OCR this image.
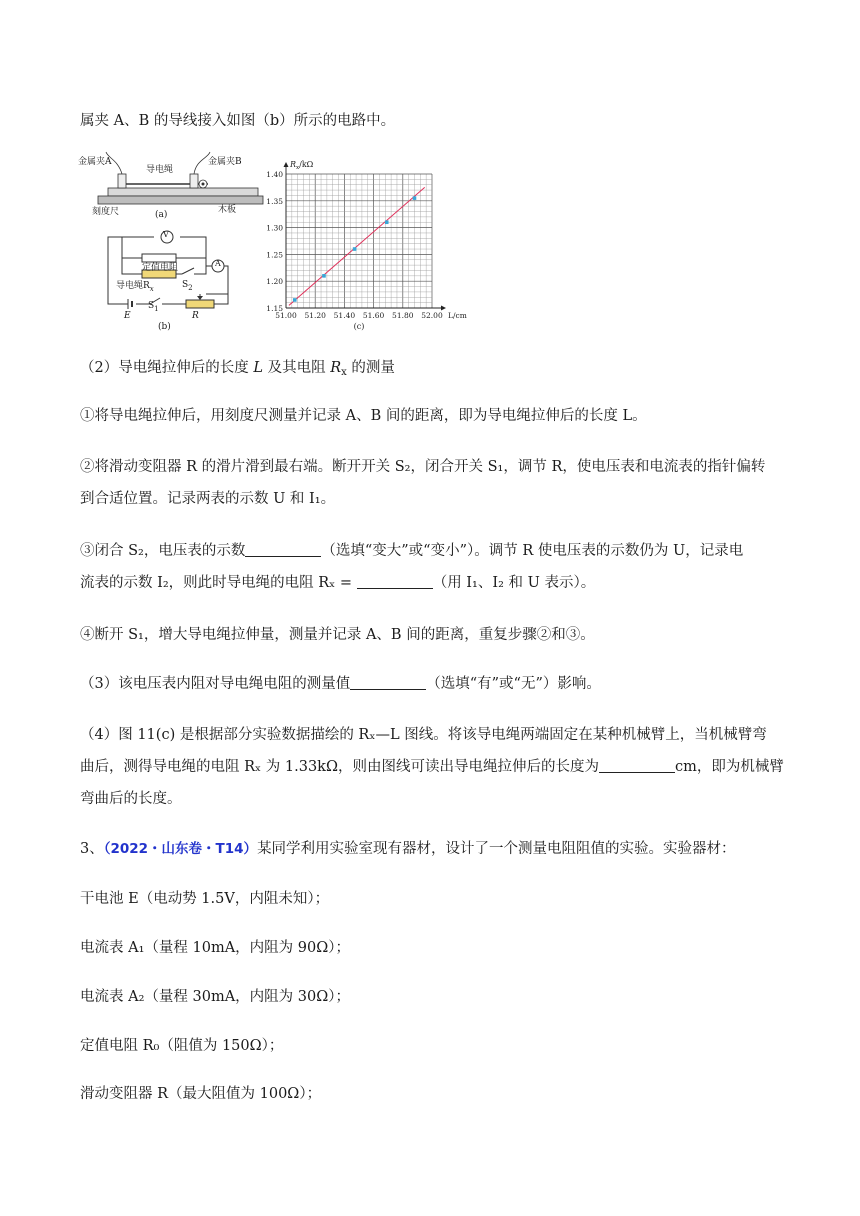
属夹 A、B 的导线接入如图（b）所示的电路中。
金属夹A
导电绳
金属夹B
刻度尺	木板
(a)
V
A
定值电阻
导电绳$R_x$	$S_2$
E
$S_1$
R
(b)
51.00 51.20 51.40 51.60 51.80 52.00
1.15
1.20
1.25
1.30
1.35
1.40
$R_x/k\Omega$
L/cm
(c)
（2）导电绳拉伸后的长度 L 及其电阻 $R_x$ 的测量
①将导电绳拉伸后，用刻度尺测量并记录 A、B 间的距离，即为导电绳拉伸后的长度 L。
②将滑动变阻器 R 的滑片滑到最右端。断开开关 S₂，闭合开关 S₁，调节 R，使电压表和电流表的指针偏转
到合适位置。记录两表的示数 U 和 I₁。
③闭合 S₂，电压表的示数	（选填“变大”或“变小”）。调节 R 使电压表的示数仍为 U，记录电
流表的示数 I₂，则此时导电绳的电阻 Rₓ =	（用 I₁、I₂ 和 U 表示）。
④断开 S₁，增大导电绳拉伸量，测量并记录 A、B 间的距离，重复步骤②和③。
（3）该电压表内阻对导电绳电阻的测量值	（选填“有”或“无”）影响。
（4）图 11(c) 是根据部分实验数据描绘的 Rₓ—L 图线。将该导电绳两端固定在某种机械臂上，当机械臂弯
曲后，测得导电绳的电阻 Rₓ 为 1.33kΩ，则由图线可读出导电绳拉伸后的长度为	cm，即为机械臂
弯曲后的长度。
3、（2022・山东卷・T14）某同学利用实验室现有器材，设计了一个测量电阻阻值的实验。实验器材：
干电池 E（电动势 1.5V，内阻未知）；
电流表 A₁（量程 10mA，内阻为 90Ω）；
电流表 A₂（量程 30mA，内阻为 30Ω）；
定值电阻 R₀（阻值为 150Ω）；
滑动变阻器 R（最大阻值为 100Ω）；
